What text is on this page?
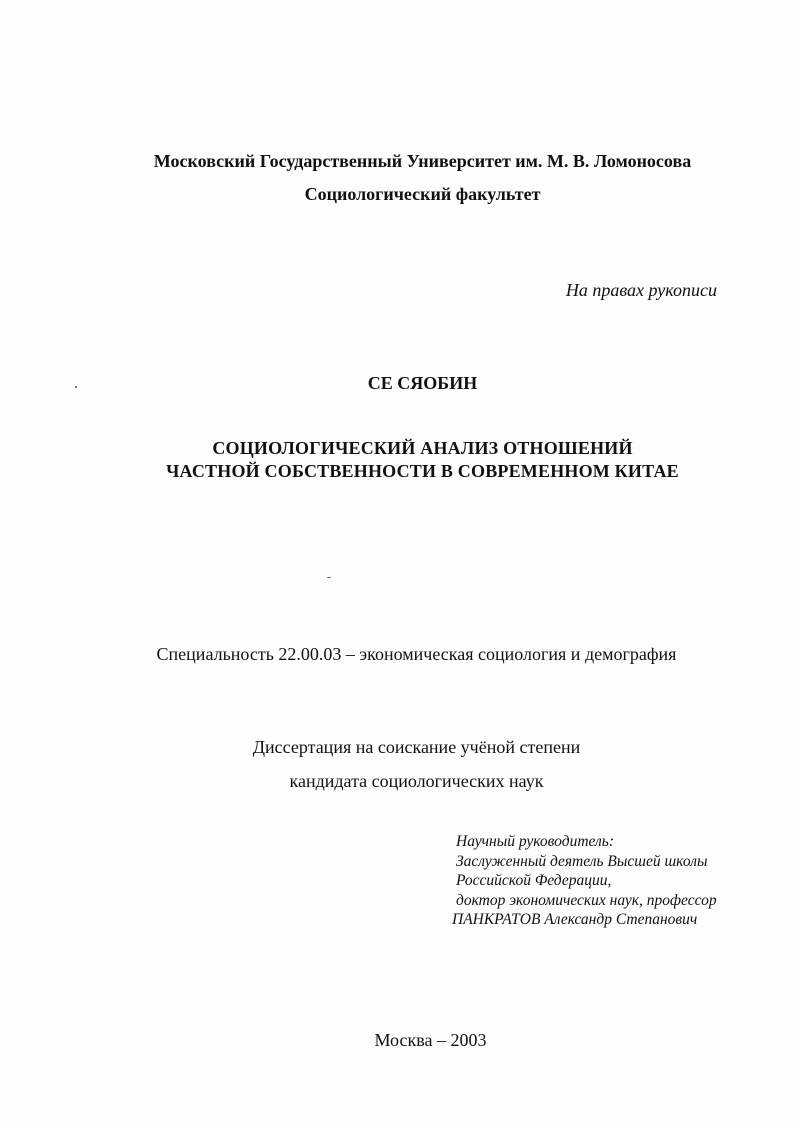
Московский Государственный Университет им. М. В. Ломоносова
Социологический факультет
На правах рукописи
СЕ СЯОБИН
СОЦИОЛОГИЧЕСКИЙ АНАЛИЗ ОТНОШЕНИЙ
ЧАСТНОЙ СОБСТВЕННОСТИ В СОВРЕМЕННОМ КИТАЕ
Специальность 22.00.03 – экономическая социология и демография
Диссертация на соискание учёной степени
кандидата социологических наук
Научный руководитель:
Заслуженный деятель Высшей школы
Российской Федерации,
доктор экономических наук, профессор
ПАНКРАТОВ Александр Степанович
Москва – 2003
